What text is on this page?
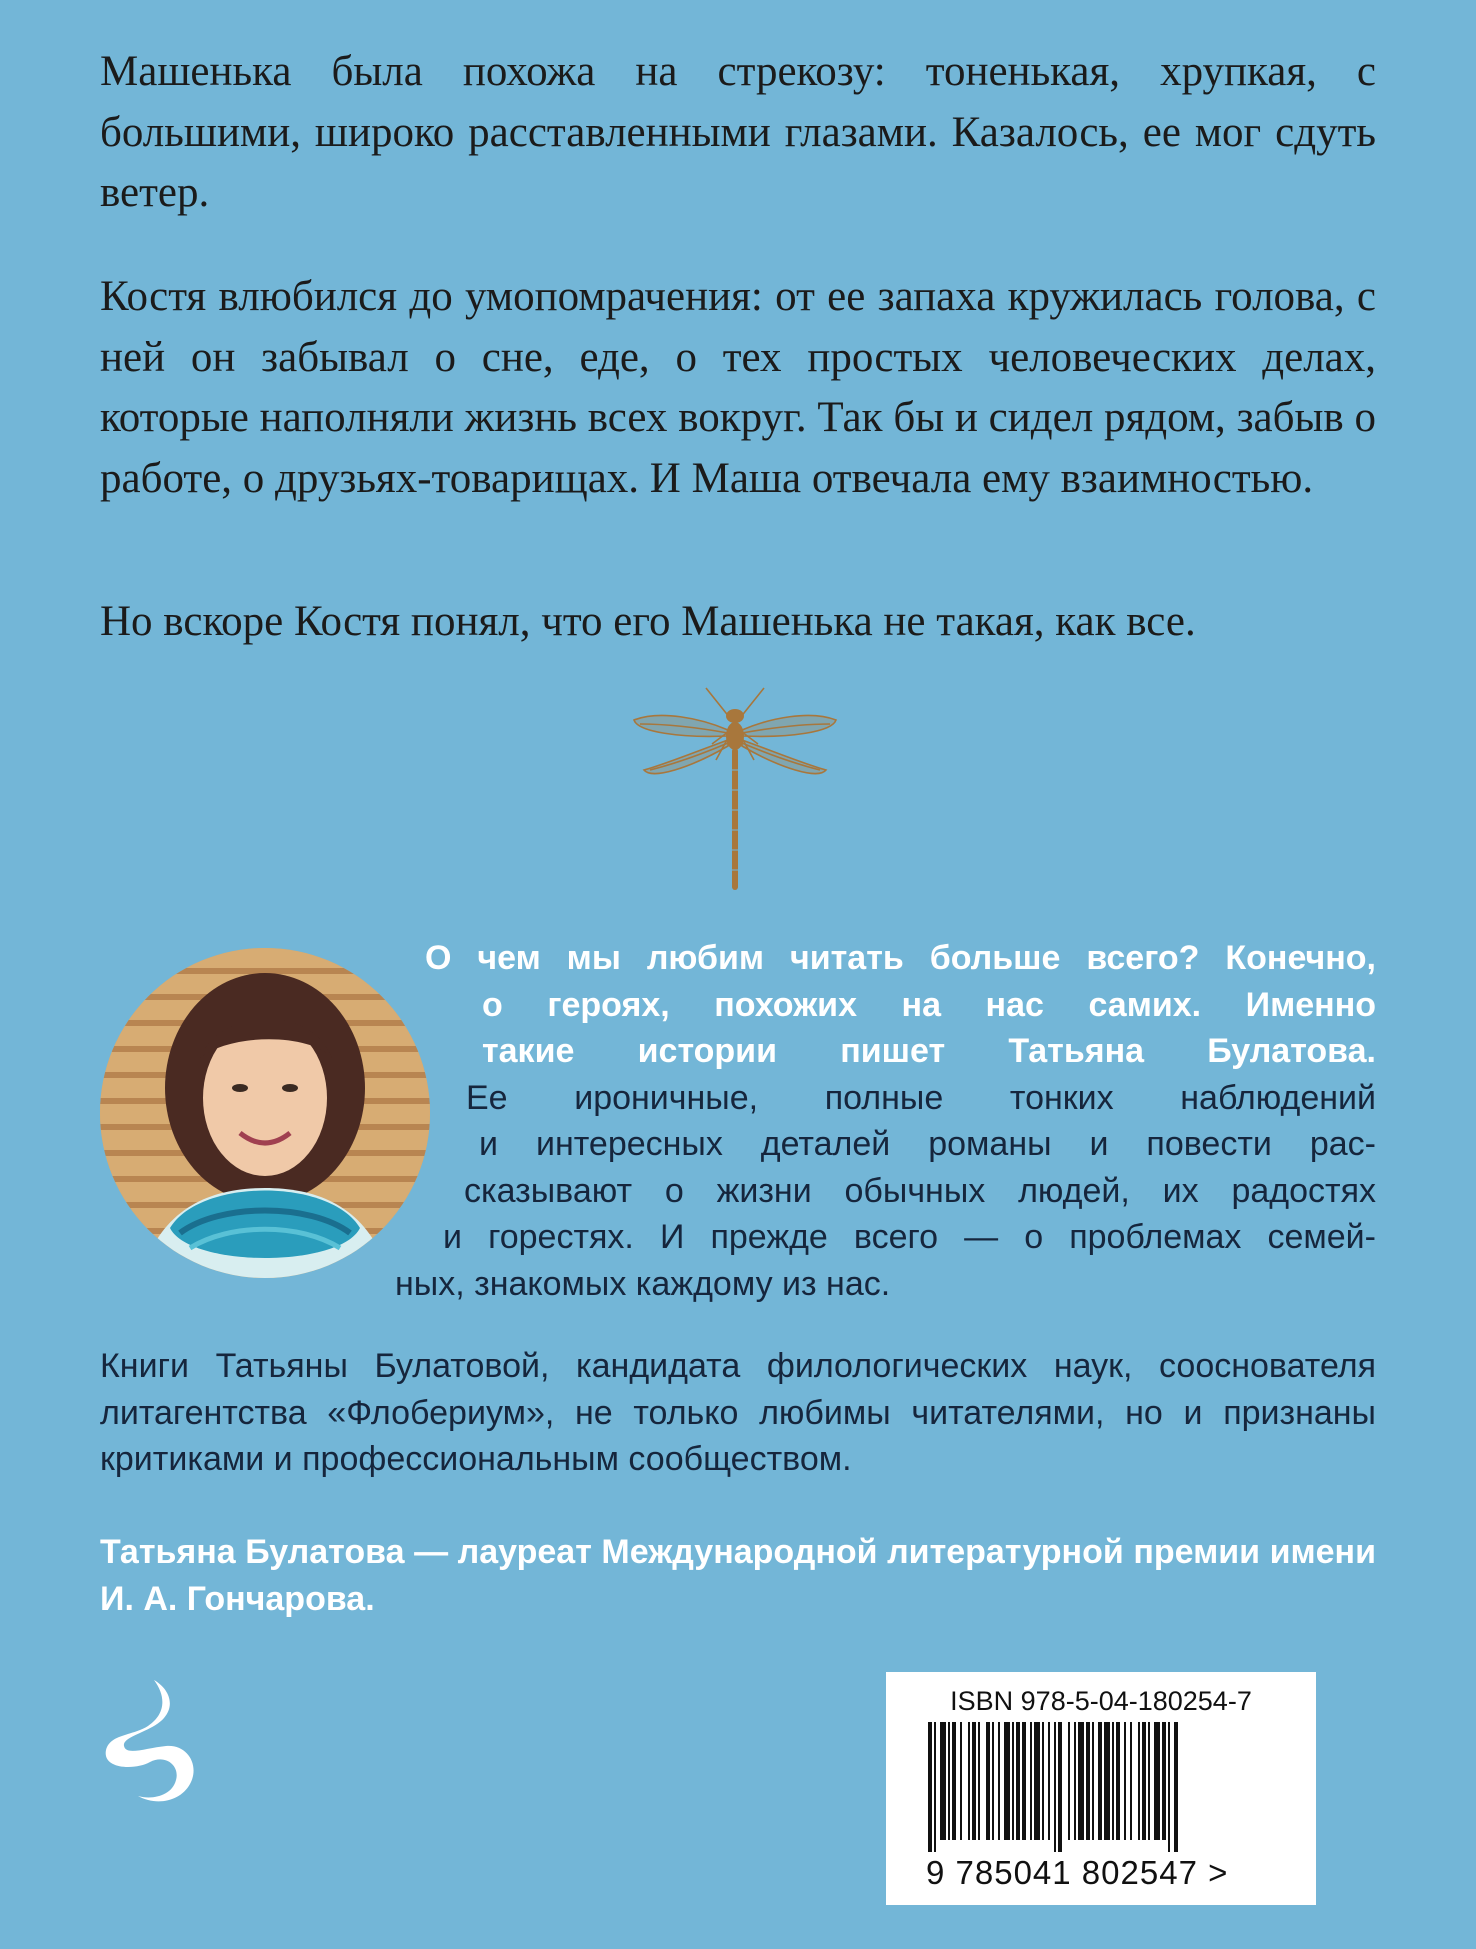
Машенька была похожа на стрекозу: тоненькая, хрупкая, с большими, широко расставленными глазами. Казалось, ее мог сдуть ветер.

Костя влюбился до умопомрачения: от ее запаха кружилась голова, с ней он забывал о сне, еде, о тех простых человеческих делах, которые наполняли жизнь всех вокруг. Так бы и сидел рядом, забыв о работе, о друзьях-товарищах. И Маша отвечала ему взаимностью.

Но вскоре Костя понял, что его Машенька не такая, как все.

О чем мы любим читать больше всего? Конечно,
о героях, похожих на нас самих. Именно
такие истории пишет Татьяна Булатова.
Ее ироничные, полные тонких наблюдений
и интересных деталей романы и повести рас-
сказывают о жизни обычных людей, их радостях
и горестях. И прежде всего — о проблемах семей-
ных, знакомых каждому из нас.

Книги Татьяны Булатовой, кандидата филологических наук, сооснователя литагентства «Флобериум», не только любимы читателями, но и признаны критиками и профессиональным сообществом.

Татьяна Булатова — лауреат Международной литературной премии имени И. А. Гончарова.

ISBN 978-5-04-180254-7
9 785041 802547 >
